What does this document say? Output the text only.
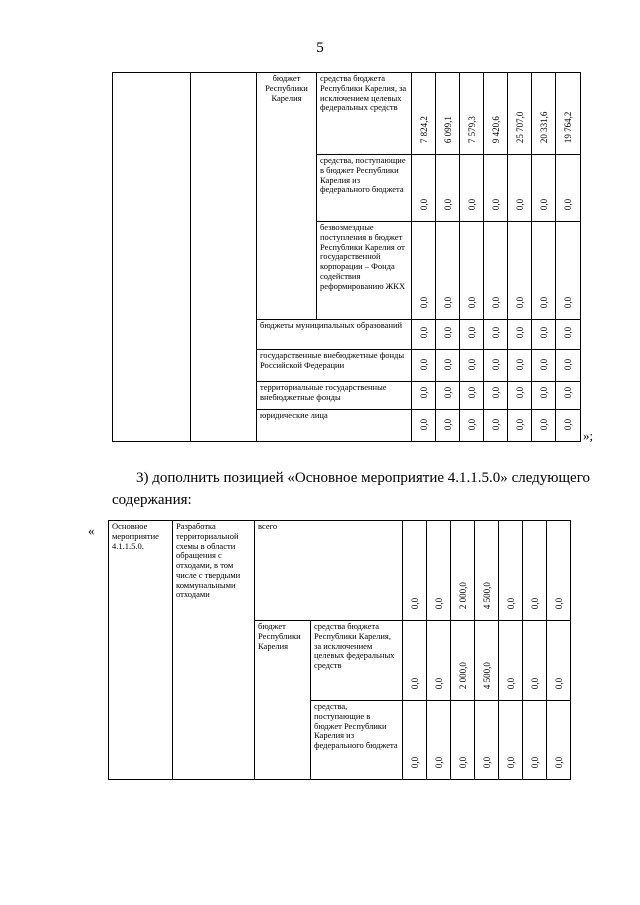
5
		бюджет Республики Карелия	средства бюджета Республики Карелия, за исключением целевых федеральных средств	7 824,2	6 099,1	7 579,3	9 420,6	25 707,0	20 331,6	19 764,2

			средства, поступающие в бюджет Республики Карелия из федерального бюджета	0,0	0,0	0,0	0,0	0,0	0,0	0,0

			безвозмездные поступления в бюджет Республики Карелия от государственной корпорации – Фонда содействия реформированию ЖКХ	0,0	0,0	0,0	0,0	0,0	0,0	0,0

		бюджеты муниципальных образований		0,0	0,0	0,0	0,0	0,0	0,0	0,0

		государственные внебюджетные фонды Российской Федерации		0,0	0,0	0,0	0,0	0,0	0,0	0,0

		территориальные государственные внебюджетные фонды		0,0	0,0	0,0	0,0	0,0	0,0	0,0

		юридические лица		0,0	0,0	0,0	0,0	0,0	0,0	0,0
»;
3) дополнить позицией «Основное мероприятие 4.1.1.5.0» следующего содержания:
« Основное мероприятие 4.1.1.5.0.	Разработка территориальной схемы в области обращения с отходами, в том числе с твердыми коммунальными отходами	всего		0,0	0,0	2 000,0	4 500,0	0,0	0,0	0,0

		бюджет Республики Карелия	средства бюджета Республики Карелия, за исключением целевых федеральных средств	0,0	0,0	2 000,0	4 500,0	0,0	0,0	0,0

			средства, поступающие в бюджет Республики Карелия из федерального бюджета	0,0	0,0	0,0	0,0	0,0	0,0	0,0
